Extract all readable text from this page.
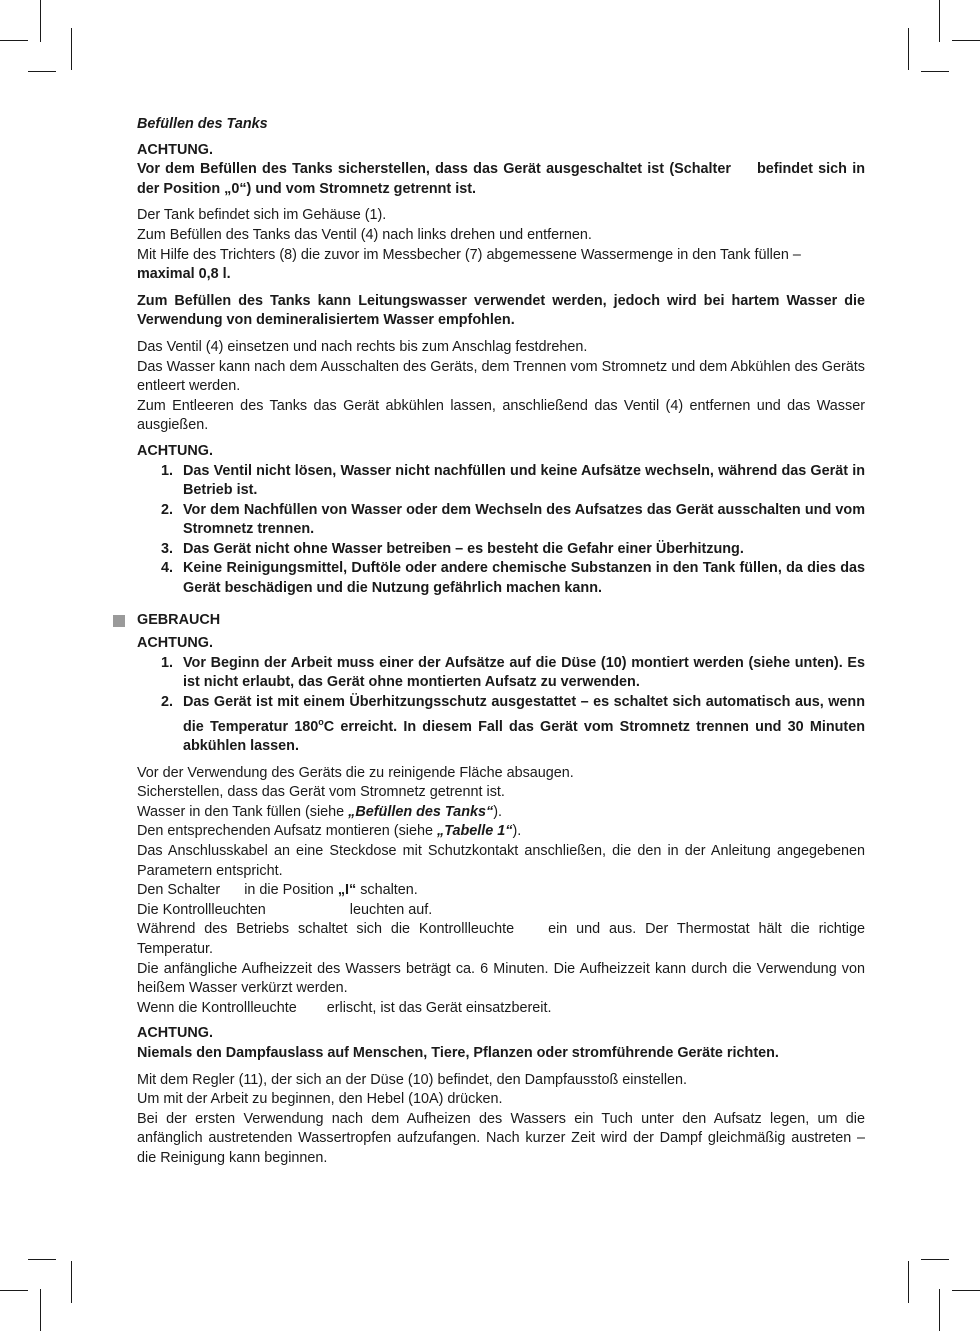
Befüllen des Tanks
ACHTUNG.

Vor dem Befüllen des Tanks sicherstellen, dass das Gerät ausgeschaltet ist (Schalter befindet sich in der Position „0“) und vom Stromnetz getrennt ist.

Der Tank befindet sich im Gehäuse (1).

Zum Befüllen des Tanks das Ventil (4) nach links drehen und entfernen.

Mit Hilfe des Trichters (8) die zuvor im Messbecher (7) abgemessene Wassermenge in den Tank füllen –

maximal 0,8 l.

Zum Befüllen des Tanks kann Leitungswasser verwendet werden, jedoch wird bei hartem Wasser die Verwendung von demineralisiertem Wasser empfohlen.

Das Ventil (4) einsetzen und nach rechts bis zum Anschlag festdrehen.

Das Wasser kann nach dem Ausschalten des Geräts, dem Trennen vom Stromnetz und dem Abkühlen des Geräts entleert werden.

Zum Entleeren des Tanks das Gerät abkühlen lassen, anschließend das Ventil (4) entfernen und das Wasser ausgießen.

ACHTUNG.
1. Das Ventil nicht lösen, Wasser nicht nachfüllen und keine Aufsätze wechseln, während das Gerät in Betrieb ist.
2. Vor dem Nachfüllen von Wasser oder dem Wechseln des Aufsatzes das Gerät ausschalten und vom Stromnetz trennen.
3. Das Gerät nicht ohne Wasser betreiben – es besteht die Gefahr einer Überhitzung.
4. Keine Reinigungsmittel, Duftöle oder andere chemische Substanzen in den Tank füllen, da dies das Gerät beschädigen und die Nutzung gefährlich machen kann.
GEBRAUCH
ACHTUNG.
1. Vor Beginn der Arbeit muss einer der Aufsätze auf die Düse (10) montiert werden (siehe unten). Es ist nicht erlaubt, das Gerät ohne montierten Aufsatz zu verwenden.
2. Das Gerät ist mit einem Überhitzungsschutz ausgestattet – es schaltet sich automatisch aus, wenn die Temperatur 180$^o$C erreicht. In diesem Fall das Gerät vom Stromnetz trennen und 30 Minuten abkühlen lassen.

Vor der Verwendung des Geräts die zu reinigende Fläche absaugen.

Sicherstellen, dass das Gerät vom Stromnetz getrennt ist.

Wasser in den Tank füllen (siehe „Befüllen des Tanks“).

Den entsprechenden Aufsatz montieren (siehe „Tabelle 1“).

Das Anschlusskabel an eine Steckdose mit Schutzkontakt anschließen, die den in der Anleitung angegebenen Parametern entspricht.

Den Schalter in die Position „I“ schalten.

Die Kontrollleuchten	leuchten auf.

Während des Betriebs schaltet sich die Kontrollleuchte ein und aus. Der Thermostat hält die richtige Temperatur.

Die anfängliche Aufheizzeit des Wassers beträgt ca. 6 Minuten. Die Aufheizzeit kann durch die Verwendung von heißem Wasser verkürzt werden.

Wenn die Kontrollleuchte erlischt, ist das Gerät einsatzbereit.

ACHTUNG.

Niemals den Dampfauslass auf Menschen, Tiere, Pflanzen oder stromführende Geräte richten.

Mit dem Regler (11), der sich an der Düse (10) befindet, den Dampfausstoß einstellen.

Um mit der Arbeit zu beginnen, den Hebel (10A) drücken.

Bei der ersten Verwendung nach dem Aufheizen des Wassers ein Tuch unter den Aufsatz legen, um die anfänglich austretenden Wassertropfen aufzufangen. Nach kurzer Zeit wird der Dampf gleichmäßig austreten – die Reinigung kann beginnen.
